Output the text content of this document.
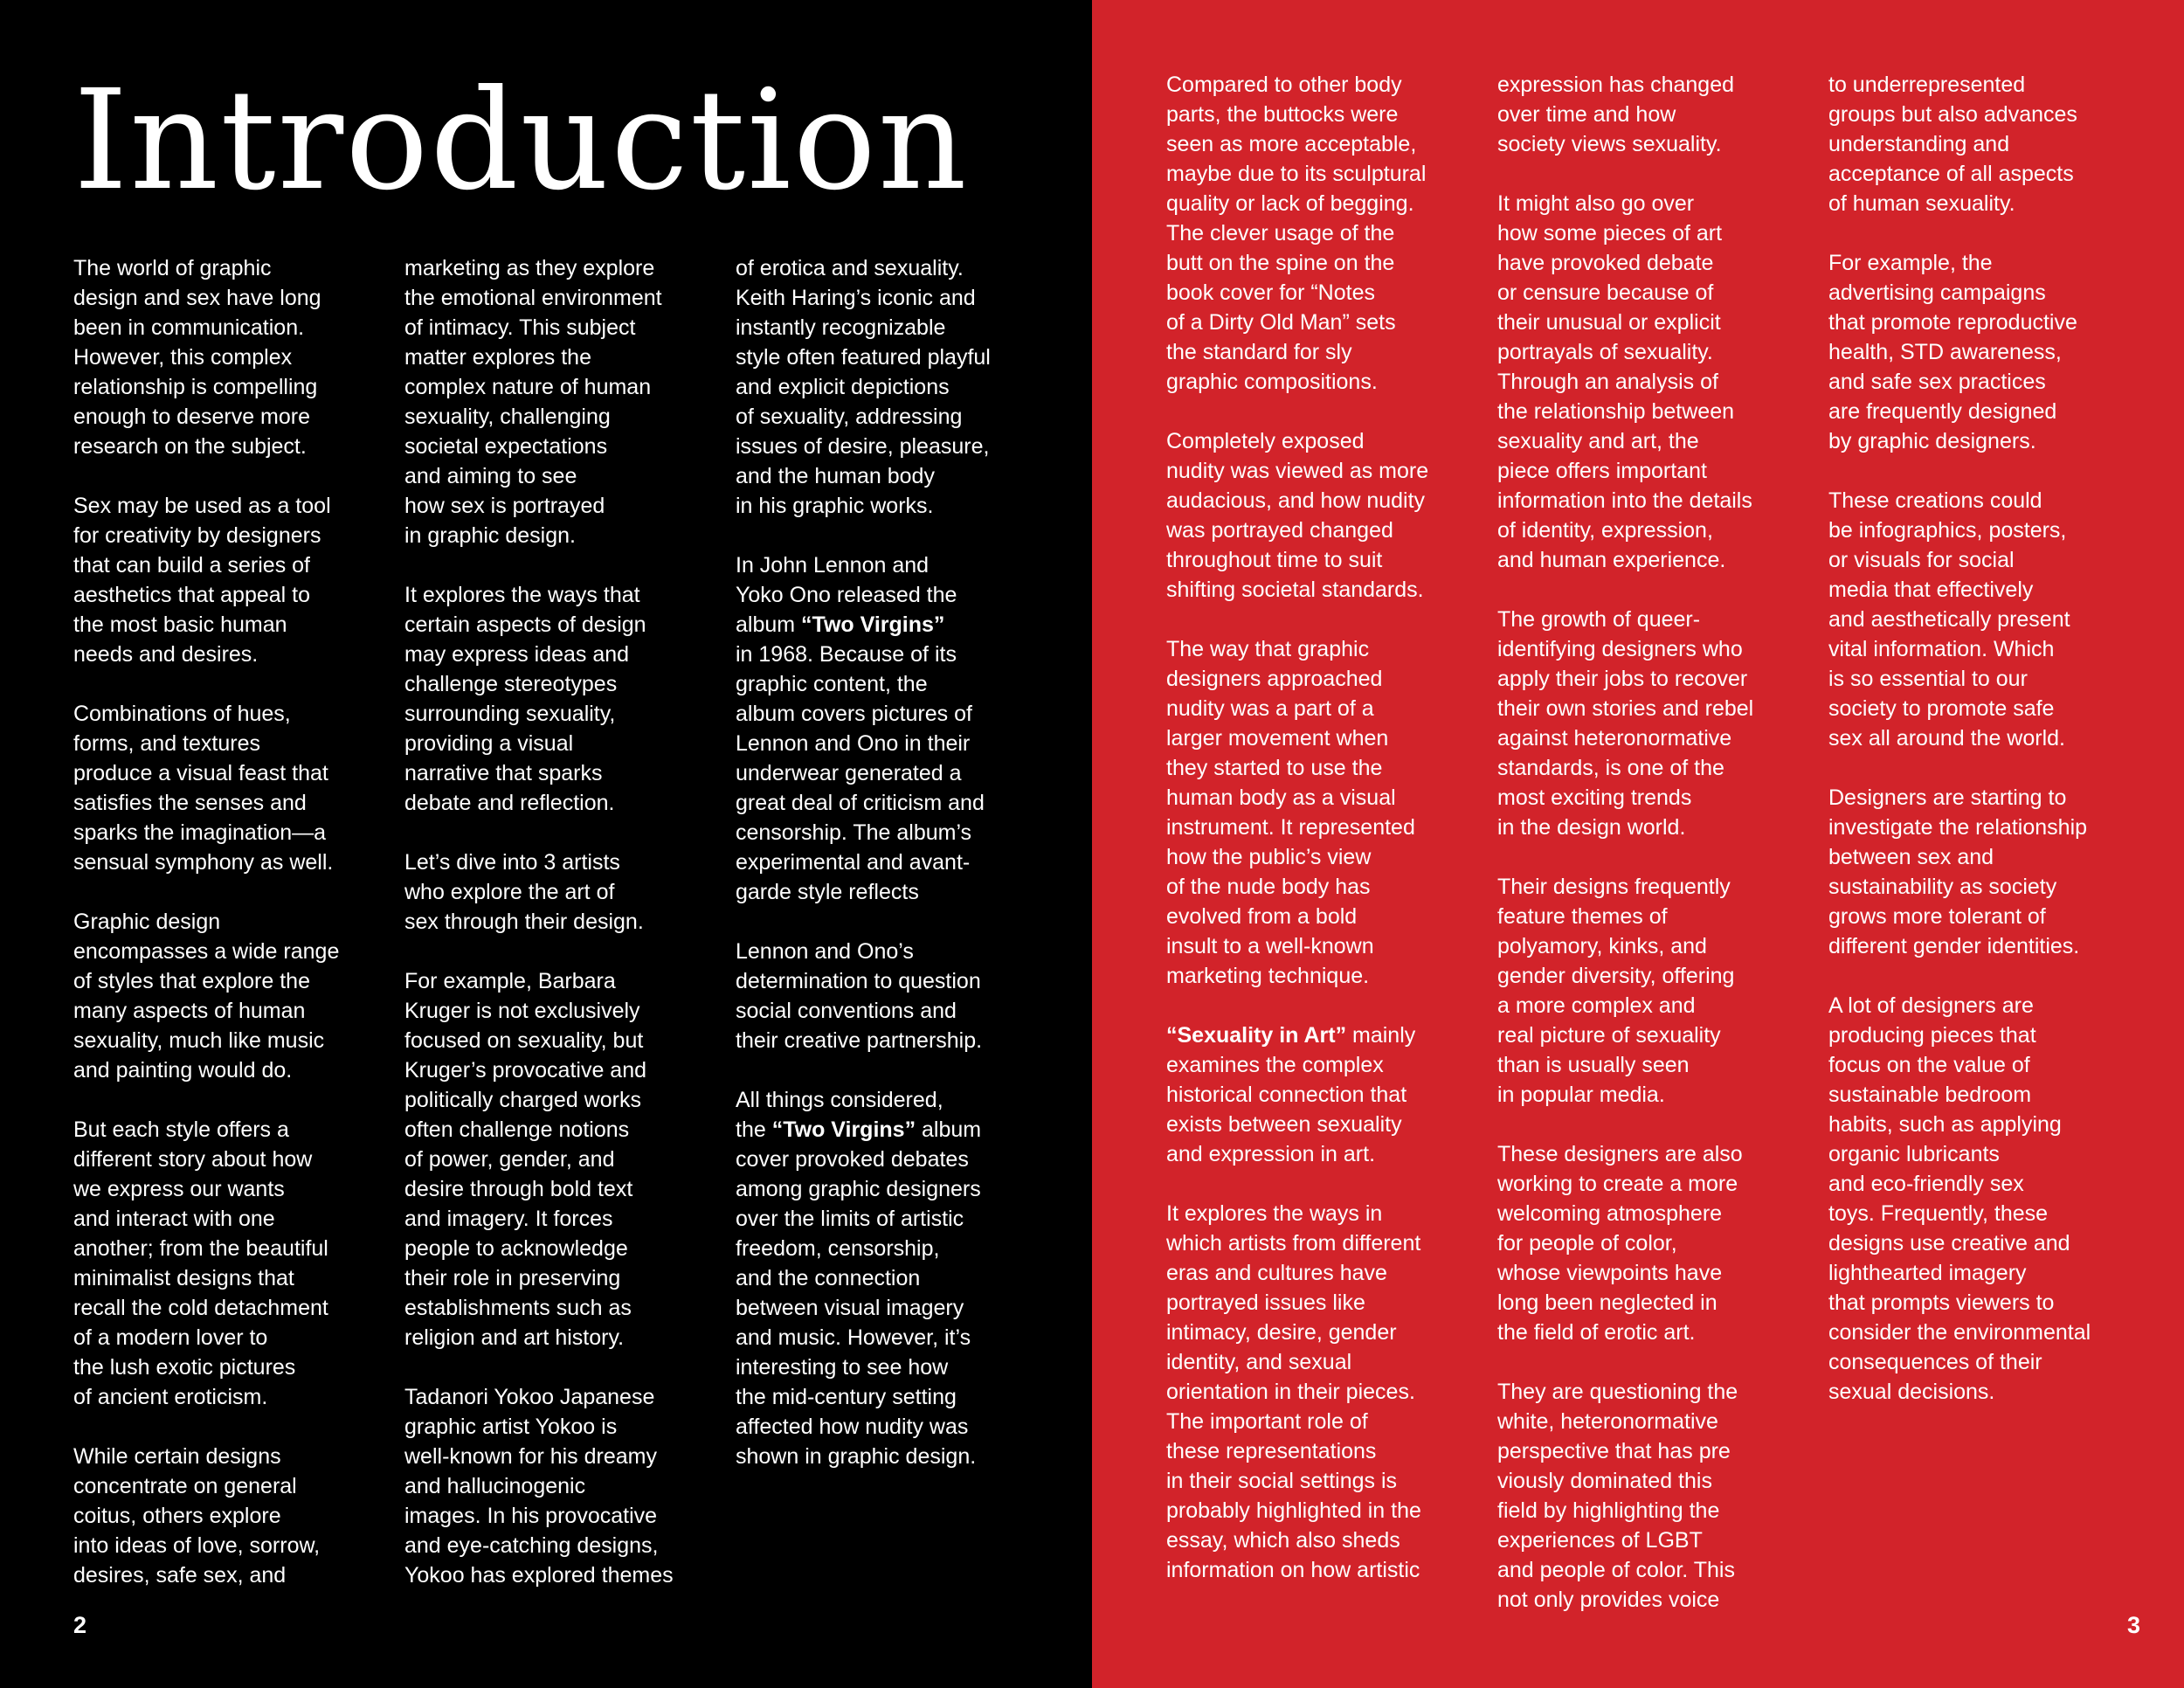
Introduction

The world of graphic
design and sex have long
been in communication.
However, this complex
relationship is compelling
enough to deserve more
research on the subject.

Sex may be used as a tool
for creativity by designers
that can build a series of
aesthetics that appeal to
the most basic human
needs and desires.

Combinations of hues,
forms, and textures
produce a visual feast that
satisfies the senses and
sparks the imagination—a
sensual symphony as well.

Graphic design
encompasses a wide range
of styles that explore the
many aspects of human
sexuality, much like music
and painting would do.

But each style offers a
different story about how
we express our wants
and interact with one
another; from the beautiful
minimalist designs that
recall the cold detachment
of a modern lover to
the lush exotic pictures
of ancient eroticism.

While certain designs
concentrate on general
coitus, others explore
into ideas of love, sorrow,
desires, safe sex, and

marketing as they explore
the emotional environment
of intimacy. This subject
matter explores the
complex nature of human
sexuality, challenging
societal expectations
and aiming to see
how sex is portrayed
in graphic design.

It explores the ways that
certain aspects of design
may express ideas and
challenge stereotypes
surrounding sexuality,
providing a visual
narrative that sparks
debate and reflection.

Let’s dive into 3 artists
who explore the art of
sex through their design.

For example, Barbara
Kruger is not exclusively
focused on sexuality, but
Kruger’s provocative and
politically charged works
often challenge notions
of power, gender, and
desire through bold text
and imagery. It forces
people to acknowledge
their role in preserving
establishments such as
religion and art history.

Tadanori Yokoo Japanese
graphic artist Yokoo is
well-known for his dreamy
and hallucinogenic
images. In his provocative
and eye-catching designs,
Yokoo has explored themes

of erotica and sexuality.
Keith Haring’s iconic and
instantly recognizable
style often featured playful
and explicit depictions
of sexuality, addressing
issues of desire, pleasure,
and the human body
in his graphic works.

In John Lennon and
Yoko Ono released the
album “Two Virgins”
in 1968. Because of its
graphic content, the
album covers pictures of
Lennon and Ono in their
underwear generated a
great deal of criticism and
censorship. The album’s
experimental and avant-
garde style reflects

Lennon and Ono’s
determination to question
social conventions and
their creative partnership.

All things considered,
the “Two Virgins” album
cover provoked debates
among graphic designers
over the limits of artistic
freedom, censorship,
and the connection
between visual imagery
and music. However, it’s
interesting to see how
the mid-century setting
affected how nudity was
shown in graphic design.

2

Compared to other body
parts, the buttocks were
seen as more acceptable,
maybe due to its sculptural
quality or lack of begging.
The clever usage of the
butt on the spine on the
book cover for “Notes
of a Dirty Old Man” sets
the standard for sly
graphic compositions.

Completely exposed
nudity was viewed as more
audacious, and how nudity
was portrayed changed
throughout time to suit
shifting societal standards.

The way that graphic
designers approached
nudity was a part of a
larger movement when
they started to use the
human body as a visual
instrument. It represented
how the public’s view
of the nude body has
evolved from a bold
insult to a well-known
marketing technique.

“Sexuality in Art” mainly
examines the complex
historical connection that
exists between sexuality
and expression in art.

It explores the ways in
which artists from different
eras and cultures have
portrayed issues like
intimacy, desire, gender
identity, and sexual
orientation in their pieces.
The important role of
these representations
in their social settings is
probably highlighted in the
essay, which also sheds
information on how artistic

expression has changed
over time and how
society views sexuality.

It might also go over
how some pieces of art
have provoked debate
or censure because of
their unusual or explicit
portrayals of sexuality.
Through an analysis of
the relationship between
sexuality and art, the
piece offers important
information into the details
of identity, expression,
and human experience.

The growth of queer-
identifying designers who
apply their jobs to recover
their own stories and rebel
against heteronormative
standards, is one of the
most exciting trends
in the design world.

Their designs frequently
feature themes of
polyamory, kinks, and
gender diversity, offering
a more complex and
real picture of sexuality
than is usually seen
in popular media.

These designers are also
working to create a more
welcoming atmosphere
for people of color,
whose viewpoints have
long been neglected in
the field of erotic art.

They are questioning the
white, heteronormative
perspective that has pre
viously dominated this
field by highlighting the
experiences of LGBT
and people of color. This
not only provides voice

to underrepresented
groups but also advances
understanding and
acceptance of all aspects
of human sexuality.

For example, the
advertising campaigns
that promote reproductive
health, STD awareness,
and safe sex practices
are frequently designed
by graphic designers.

These creations could
be infographics, posters,
or visuals for social
media that effectively
and aesthetically present
vital information. Which
is so essential to our
society to promote safe
sex all around the world.

Designers are starting to
investigate the relationship
between sex and
sustainability as society
grows more tolerant of
different gender identities.

A lot of designers are
producing pieces that
focus on the value of
sustainable bedroom
habits, such as applying
organic lubricants
and eco-friendly sex
toys. Frequently, these
designs use creative and
lighthearted imagery
that prompts viewers to
consider the environmental
consequences of their
sexual decisions.

3
